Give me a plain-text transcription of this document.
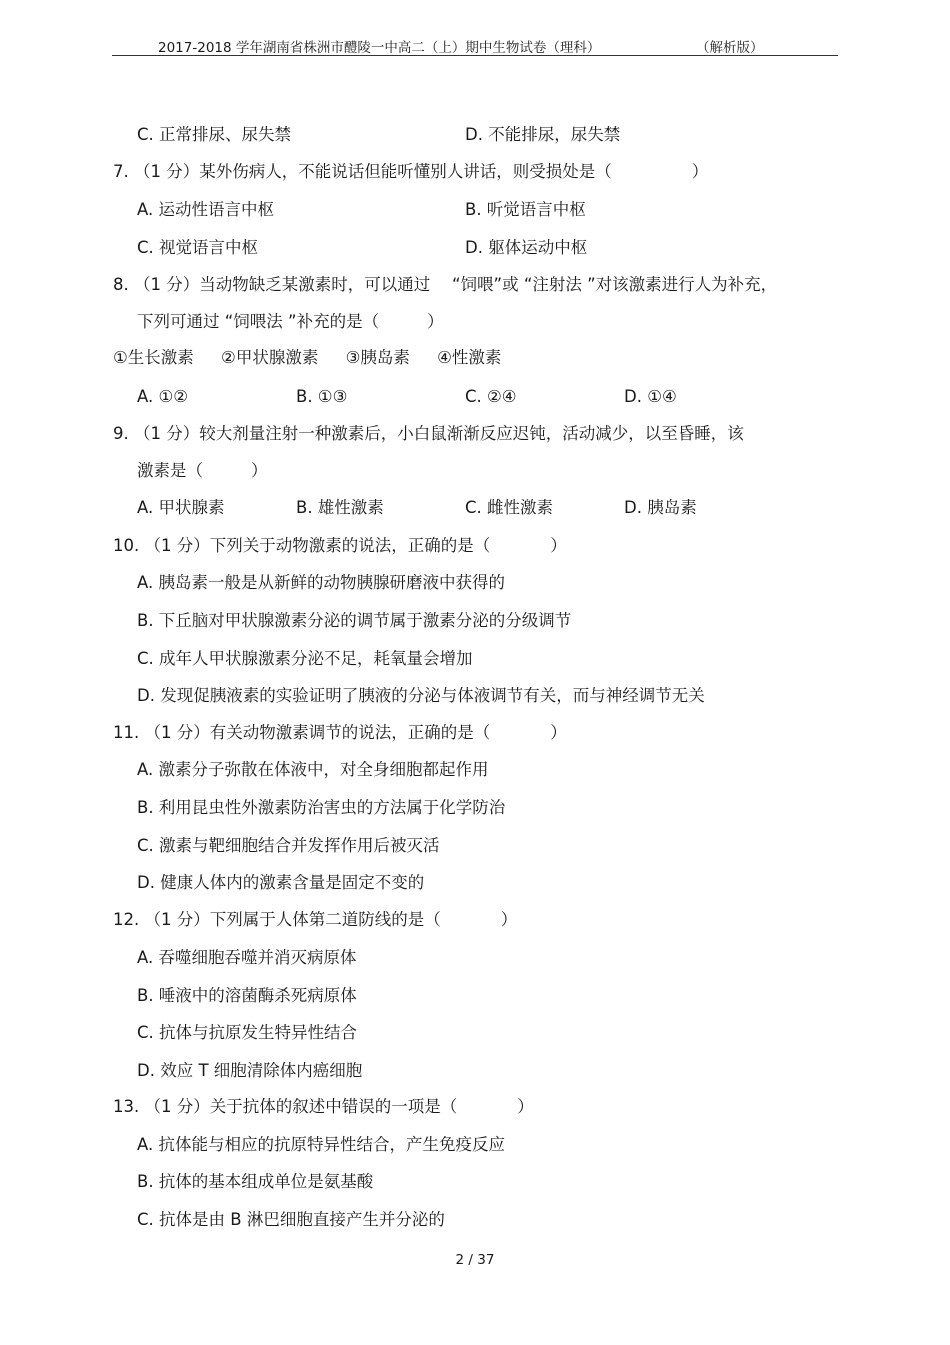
2017-2018 学年湖南省株洲市醴陵一中高二（上）期中生物试卷（理科）	（解析版）
C. 正常排尿、尿失禁	D. 不能排尿，尿失禁
7. （1 分）某外伤病人，不能说话但能听懂别人讲话，则受损处是（	）
A. 运动性语言中枢	B. 听觉语言中枢
C. 视觉语言中枢	D. 躯体运动中枢
8. （1 分）当动物缺乏某激素时，可以通过　 “饲喂”或 “注射法 ”对该激素进行人为补充，
下列可通过 “饲喂法 ”补充的是（	）
①生长激素 ②甲状腺激素 ③胰岛素 ④性激素
A. ①②	B. ①③	C. ②④	D. ①④
9. （1 分）较大剂量注射一种激素后，小白鼠渐渐反应迟钝，活动减少，以至昏睡，该
激素是（	）
A. 甲状腺素	B. 雄性激素	C. 雌性激素	D. 胰岛素
10. （1 分）下列关于动物激素的说法，正确的是（	）
A. 胰岛素一般是从新鲜的动物胰腺研磨液中获得的
B. 下丘脑对甲状腺激素分泌的调节属于激素分泌的分级调节
C. 成年人甲状腺激素分泌不足，耗氧量会增加
D. 发现促胰液素的实验证明了胰液的分泌与体液调节有关，而与神经调节无关
11. （1 分）有关动物激素调节的说法，正确的是（	）
A. 激素分子弥散在体液中，对全身细胞都起作用
B. 利用昆虫性外激素防治害虫的方法属于化学防治
C. 激素与靶细胞结合并发挥作用后被灭活
D. 健康人体内的激素含量是固定不变的
12. （1 分）下列属于人体第二道防线的是（	）
A. 吞噬细胞吞噬并消灭病原体
B. 唾液中的溶菌酶杀死病原体
C. 抗体与抗原发生特异性结合
D. 效应 T 细胞清除体内癌细胞
13. （1 分）关于抗体的叙述中错误的一项是（	）
A. 抗体能与相应的抗原特异性结合，产生免疫反应
B. 抗体的基本组成单位是氨基酸
C. 抗体是由 B 淋巴细胞直接产生并分泌的
2 / 37
